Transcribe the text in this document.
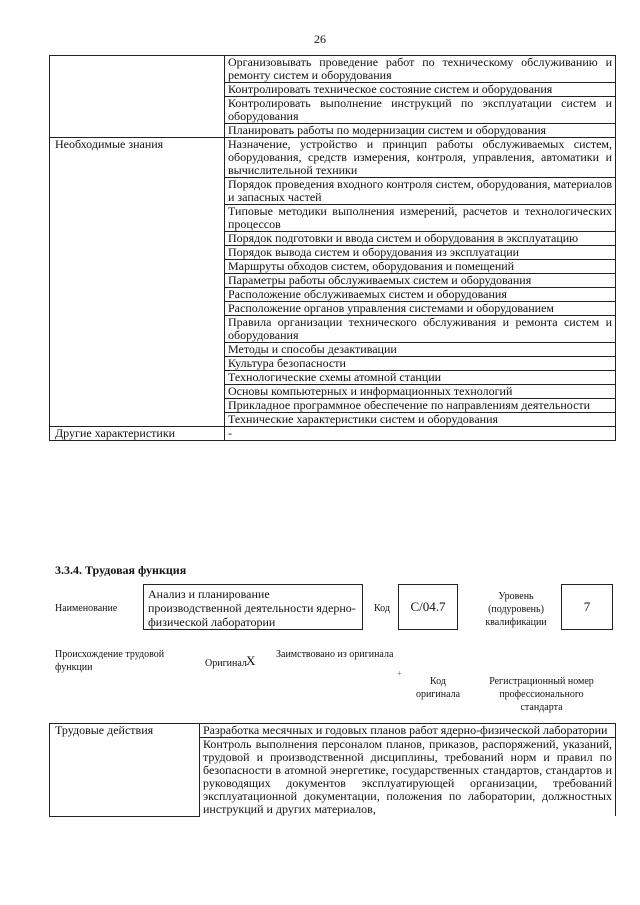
26
	Организовывать проведение работ по техническому обслуживанию и ремонту систем и оборудования
	Контролировать техническое состояние систем и оборудования
	Контролировать выполнение инструкций по эксплуатации систем и оборудования
	Планировать работы по модернизации систем и оборудования
Необходимые знания	Назначение, устройство и принцип работы обслуживаемых систем, оборудования, средств измерения, контроля, управления, автоматики и вычислительной техники
	Порядок проведения входного контроля систем, оборудования, материалов и запасных частей
	Типовые методики выполнения измерений, расчетов и технологических процессов
	Порядок подготовки и ввода систем и оборудования в эксплуатацию
	Порядок вывода систем и оборудования из эксплуатации
	Маршруты обходов систем, оборудования и помещений
	Параметры работы обслуживаемых систем и оборудования
	Расположение обслуживаемых систем и оборудования
	Расположение органов управления системами и оборудованием
	Правила организации технического обслуживания и ремонта систем и оборудования
	Методы и способы дезактивации
	Культура безопасности
	Технологические схемы атомной станции
	Основы компьютерных и информационных технологий
	Прикладное программное обеспечение по направлениям деятельности
	Технические характеристики систем и оборудования
Другие характеристики	-
3.3.4. Трудовая функция
Наименование
Анализ и планирование производственной деятельности ядерно-физической лаборатории
Код	C/04.7
Уровень (подуровень) квалификации
7
Происхождение трудовой функции	Оригинал X Заимствовано из оригинала
+
Код оригинала
Регистрационный номер профессионального стандарта
Трудовые действия	Разработка месячных и годовых планов работ ядерно-физической лаборатории
Контроль выполнения персоналом планов, приказов, распоряжений, указаний, трудовой и производственной дисциплины, требований норм и правил по безопасности в атомной энергетике, государственных стандартов, стандартов и руководящих документов эксплуатирующей организации, требований эксплуатационной документации, положения по лаборатории, должностных инструкций и других материалов,
